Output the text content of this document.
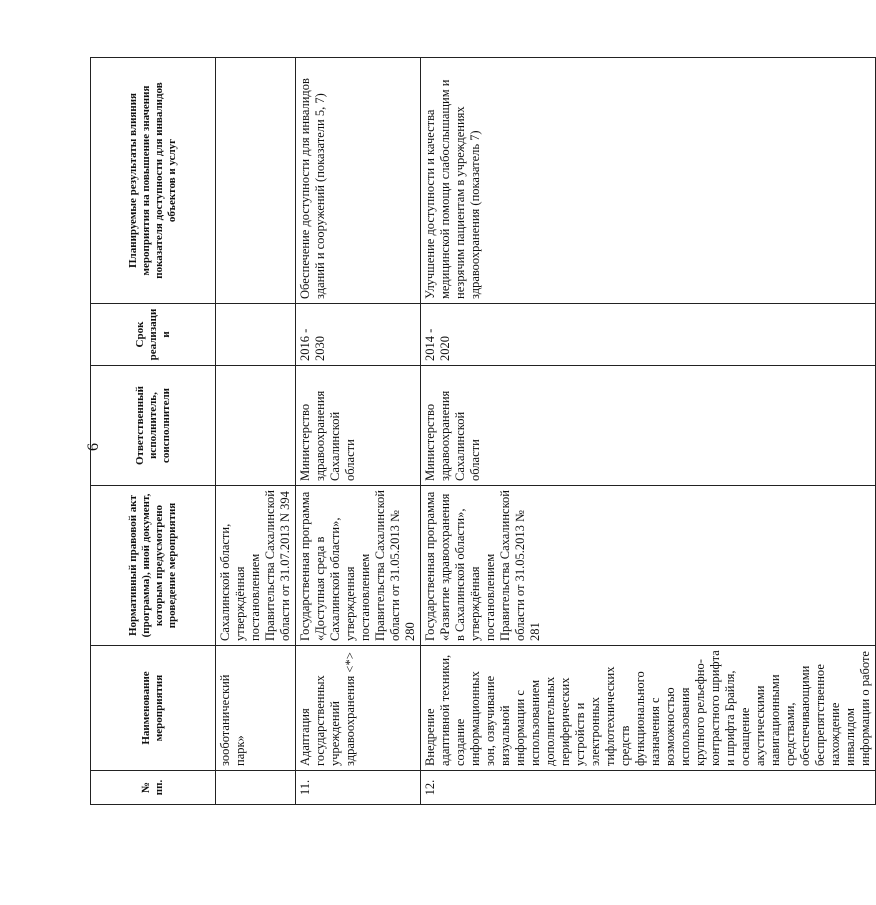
6
№ пп.	Наименование мероприятия	Нормативный правовой акт (программа), иной документ, которым предусмотрено проведение мероприятия	Ответственный исполнитель, соисполнители	Срок реализации	Планируемые результаты влияния мероприятия на повышение значения показателя доступности для инвалидов объектов и услуг
	зооботанический парк»	Сахалинской области, утверждённая постановлением Правительства Сахалинской области от 31.07.2013 N 394			
11.	Адаптация государственных учреждений здравоохранения <*>	Государственная программа «Доступная среда в Сахалинской области», утвержденная постановлением Правительства Сахалинской области от 31.05.2013 № 280	Министерство здравоохранения Сахалинской области	2016 - 2030	Обеспечение доступности для инвалидов зданий и сооружений (показатели 5, 7)
12.	Внедрение адаптивной техники, создание информационных зон, озвучивание визуальной информации с использованием дополнительных периферических устройств и электронных тифлотехнических средств функционального назначения с возможностью использования крупного рельефно-контрастного шрифта и шрифта Брайля, оснащение акустическими навигационными средствами, обеспечивающими беспрепятственное нахождение инвалидом информации о работе	Государственная программа «Развитие здравоохранения в Сахалинской области», утверждённая постановлением Правительства Сахалинской области от 31.05.2013 № 281	Министерство здравоохранения Сахалинской области	2014 - 2020	Улучшение доступности и качества медицинской помощи слабослышащим и незрячим пациентам в учреждениях здравоохранения (показатель 7)
